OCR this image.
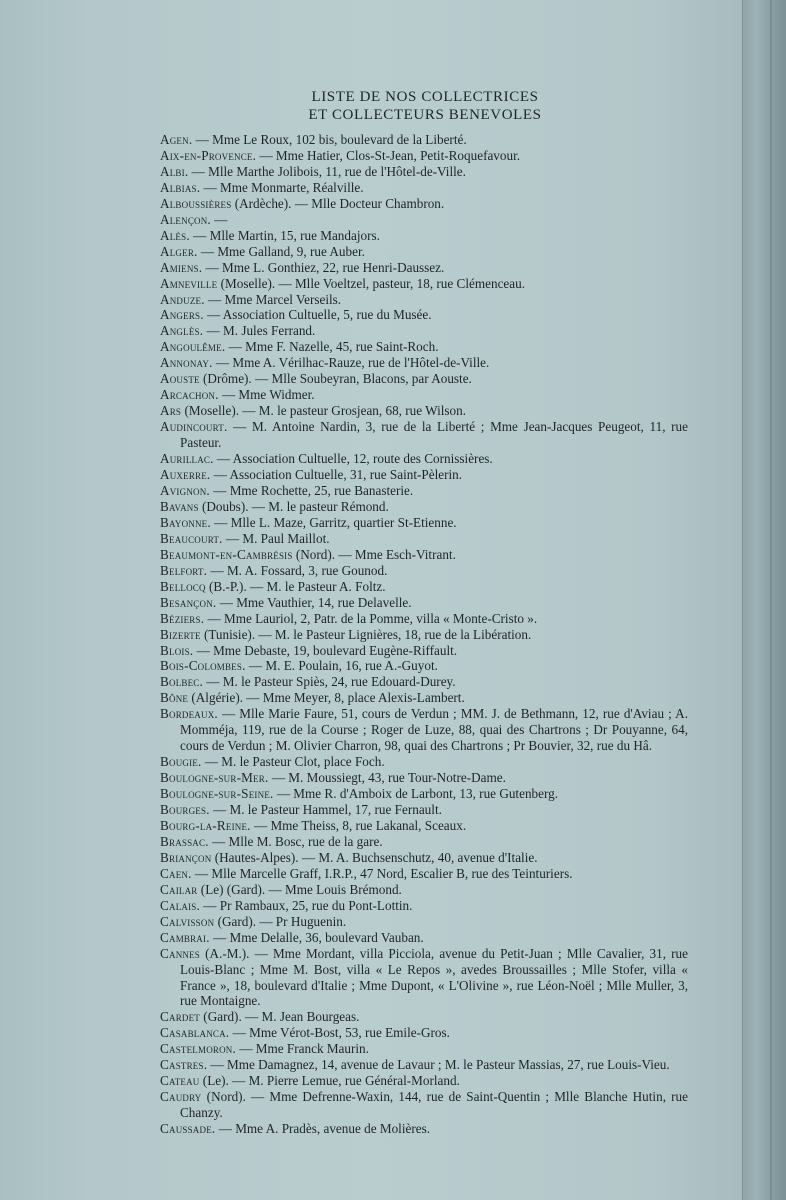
LISTE DE NOS COLLECTRICES
ET COLLECTEURS BENEVOLES
Agen. — Mme Le Roux, 102 bis, boulevard de la Liberté.
Aix-en-Provence. — Mme Hatier, Clos-St-Jean, Petit-Roquefavour.
Albi. — Mlle Marthe Jolibois, 11, rue de l'Hôtel-de-Ville.
Albias. — Mme Monmarte, Réalville.
Alboussières (Ardèche). — Mlle Docteur Chambron.
Alençon. —
Alès. — Mlle Martin, 15, rue Mandajors.
Alger. — Mme Galland, 9, rue Auber.
Amiens. — Mme L. Gonthiez, 22, rue Henri-Daussez.
Amneville (Moselle). — Mlle Voeltzel, pasteur, 18, rue Clémenceau.
Anduze. — Mme Marcel Verseils.
Angers. — Association Cultuelle, 5, rue du Musée.
Anglès. — M. Jules Ferrand.
Angoulême. — Mme F. Nazelle, 45, rue Saint-Roch.
Annonay. — Mme A. Vérilhac-Rauze, rue de l'Hôtel-de-Ville.
Aouste (Drôme). — Mlle Soubeyran, Blacons, par Aouste.
Arcachon. — Mme Widmer.
Ars (Moselle). — M. le pasteur Grosjean, 68, rue Wilson.
Audincourt. — M. Antoine Nardin, 3, rue de la Liberté ; Mme Jean-Jacques Peugeot, 11, rue Pasteur.
Aurillac. — Association Cultuelle, 12, route des Cornissières.
Auxerre. — Association Cultuelle, 31, rue Saint-Pèlerin.
Avignon. — Mme Rochette, 25, rue Banasterie.
Bavans (Doubs). — M. le pasteur Rémond.
Bayonne. — Mlle L. Maze, Garritz, quartier St-Etienne.
Beaucourt. — M. Paul Maillot.
Beaumont-en-Cambrésis (Nord). — Mme Esch-Vitrant.
Belfort. — M. A. Fossard, 3, rue Gounod.
Bellocq (B.-P.). — M. le Pasteur A. Foltz.
Besançon. — Mme Vauthier, 14, rue Delavelle.
Béziers. — Mme Lauriol, 2, Patr. de la Pomme, villa « Monte-Cristo ».
Bizerte (Tunisie). — M. le Pasteur Lignières, 18, rue de la Libération.
Blois. — Mme Debaste, 19, boulevard Eugène-Riffault.
Bois-Colombes. — M. E. Poulain, 16, rue A.-Guyot.
Bolbec. — M. le Pasteur Spiès, 24, rue Edouard-Durey.
Bône (Algérie). — Mme Meyer, 8, place Alexis-Lambert.
Bordeaux. — Mlle Marie Faure, 51, cours de Verdun ; MM. J. de Bethmann, 12, rue d'Aviau ; A. Momméja, 119, rue de la Course ; Roger de Luze, 88, quai des Chartrons ; Dr Pouyanne, 64, cours de Verdun ; M. Olivier Charron, 98, quai des Chartrons ; Pr Bouvier, 32, rue du Hâ.
Bougie. — M. le Pasteur Clot, place Foch.
Boulogne-sur-Mer. — M. Moussiegt, 43, rue Tour-Notre-Dame.
Boulogne-sur-Seine. — Mme R. d'Amboix de Larbont, 13, rue Gutenberg.
Bourges. — M. le Pasteur Hammel, 17, rue Fernault.
Bourg-la-Reine. — Mme Theiss, 8, rue Lakanal, Sceaux.
Brassac. — Mlle M. Bosc, rue de la gare.
Briançon (Hautes-Alpes). — M. A. Buchsenschutz, 40, avenue d'Italie.
Caen. — Mlle Marcelle Graff, I.R.P., 47 Nord, Escalier B, rue des Teinturiers.
Cailar (Le) (Gard). — Mme Louis Brémond.
Calais. — Pr Rambaux, 25, rue du Pont-Lottin.
Calvisson (Gard). — Pr Huguenin.
Cambrai. — Mme Delalle, 36, boulevard Vauban.
Cannes (A.-M.). — Mme Mordant, villa Picciola, avenue du Petit-Juan ; Mlle Cavalier, 31, rue Louis-Blanc ; Mme M. Bost, villa « Le Repos », avedes Broussailles ; Mlle Stofer, villa « France », 18, boulevard d'Italie ; Mme Dupont, « L'Olivine », rue Léon-Noël ; Mlle Muller, 3, rue Montaigne.
Cardet (Gard). — M. Jean Bourgeas.
Casablanca. — Mme Vérot-Bost, 53, rue Emile-Gros.
Castelmoron. — Mme Franck Maurin.
Castres. — Mme Damagnez, 14, avenue de Lavaur ; M. le Pasteur Massias, 27, rue Louis-Vieu.
Cateau (Le). — M. Pierre Lemue, rue Général-Morland.
Caudry (Nord). — Mme Defrenne-Waxin, 144, rue de Saint-Quentin ; Mlle Blanche Hutin, rue Chanzy.
Caussade. — Mme A. Pradès, avenue de Molières.
